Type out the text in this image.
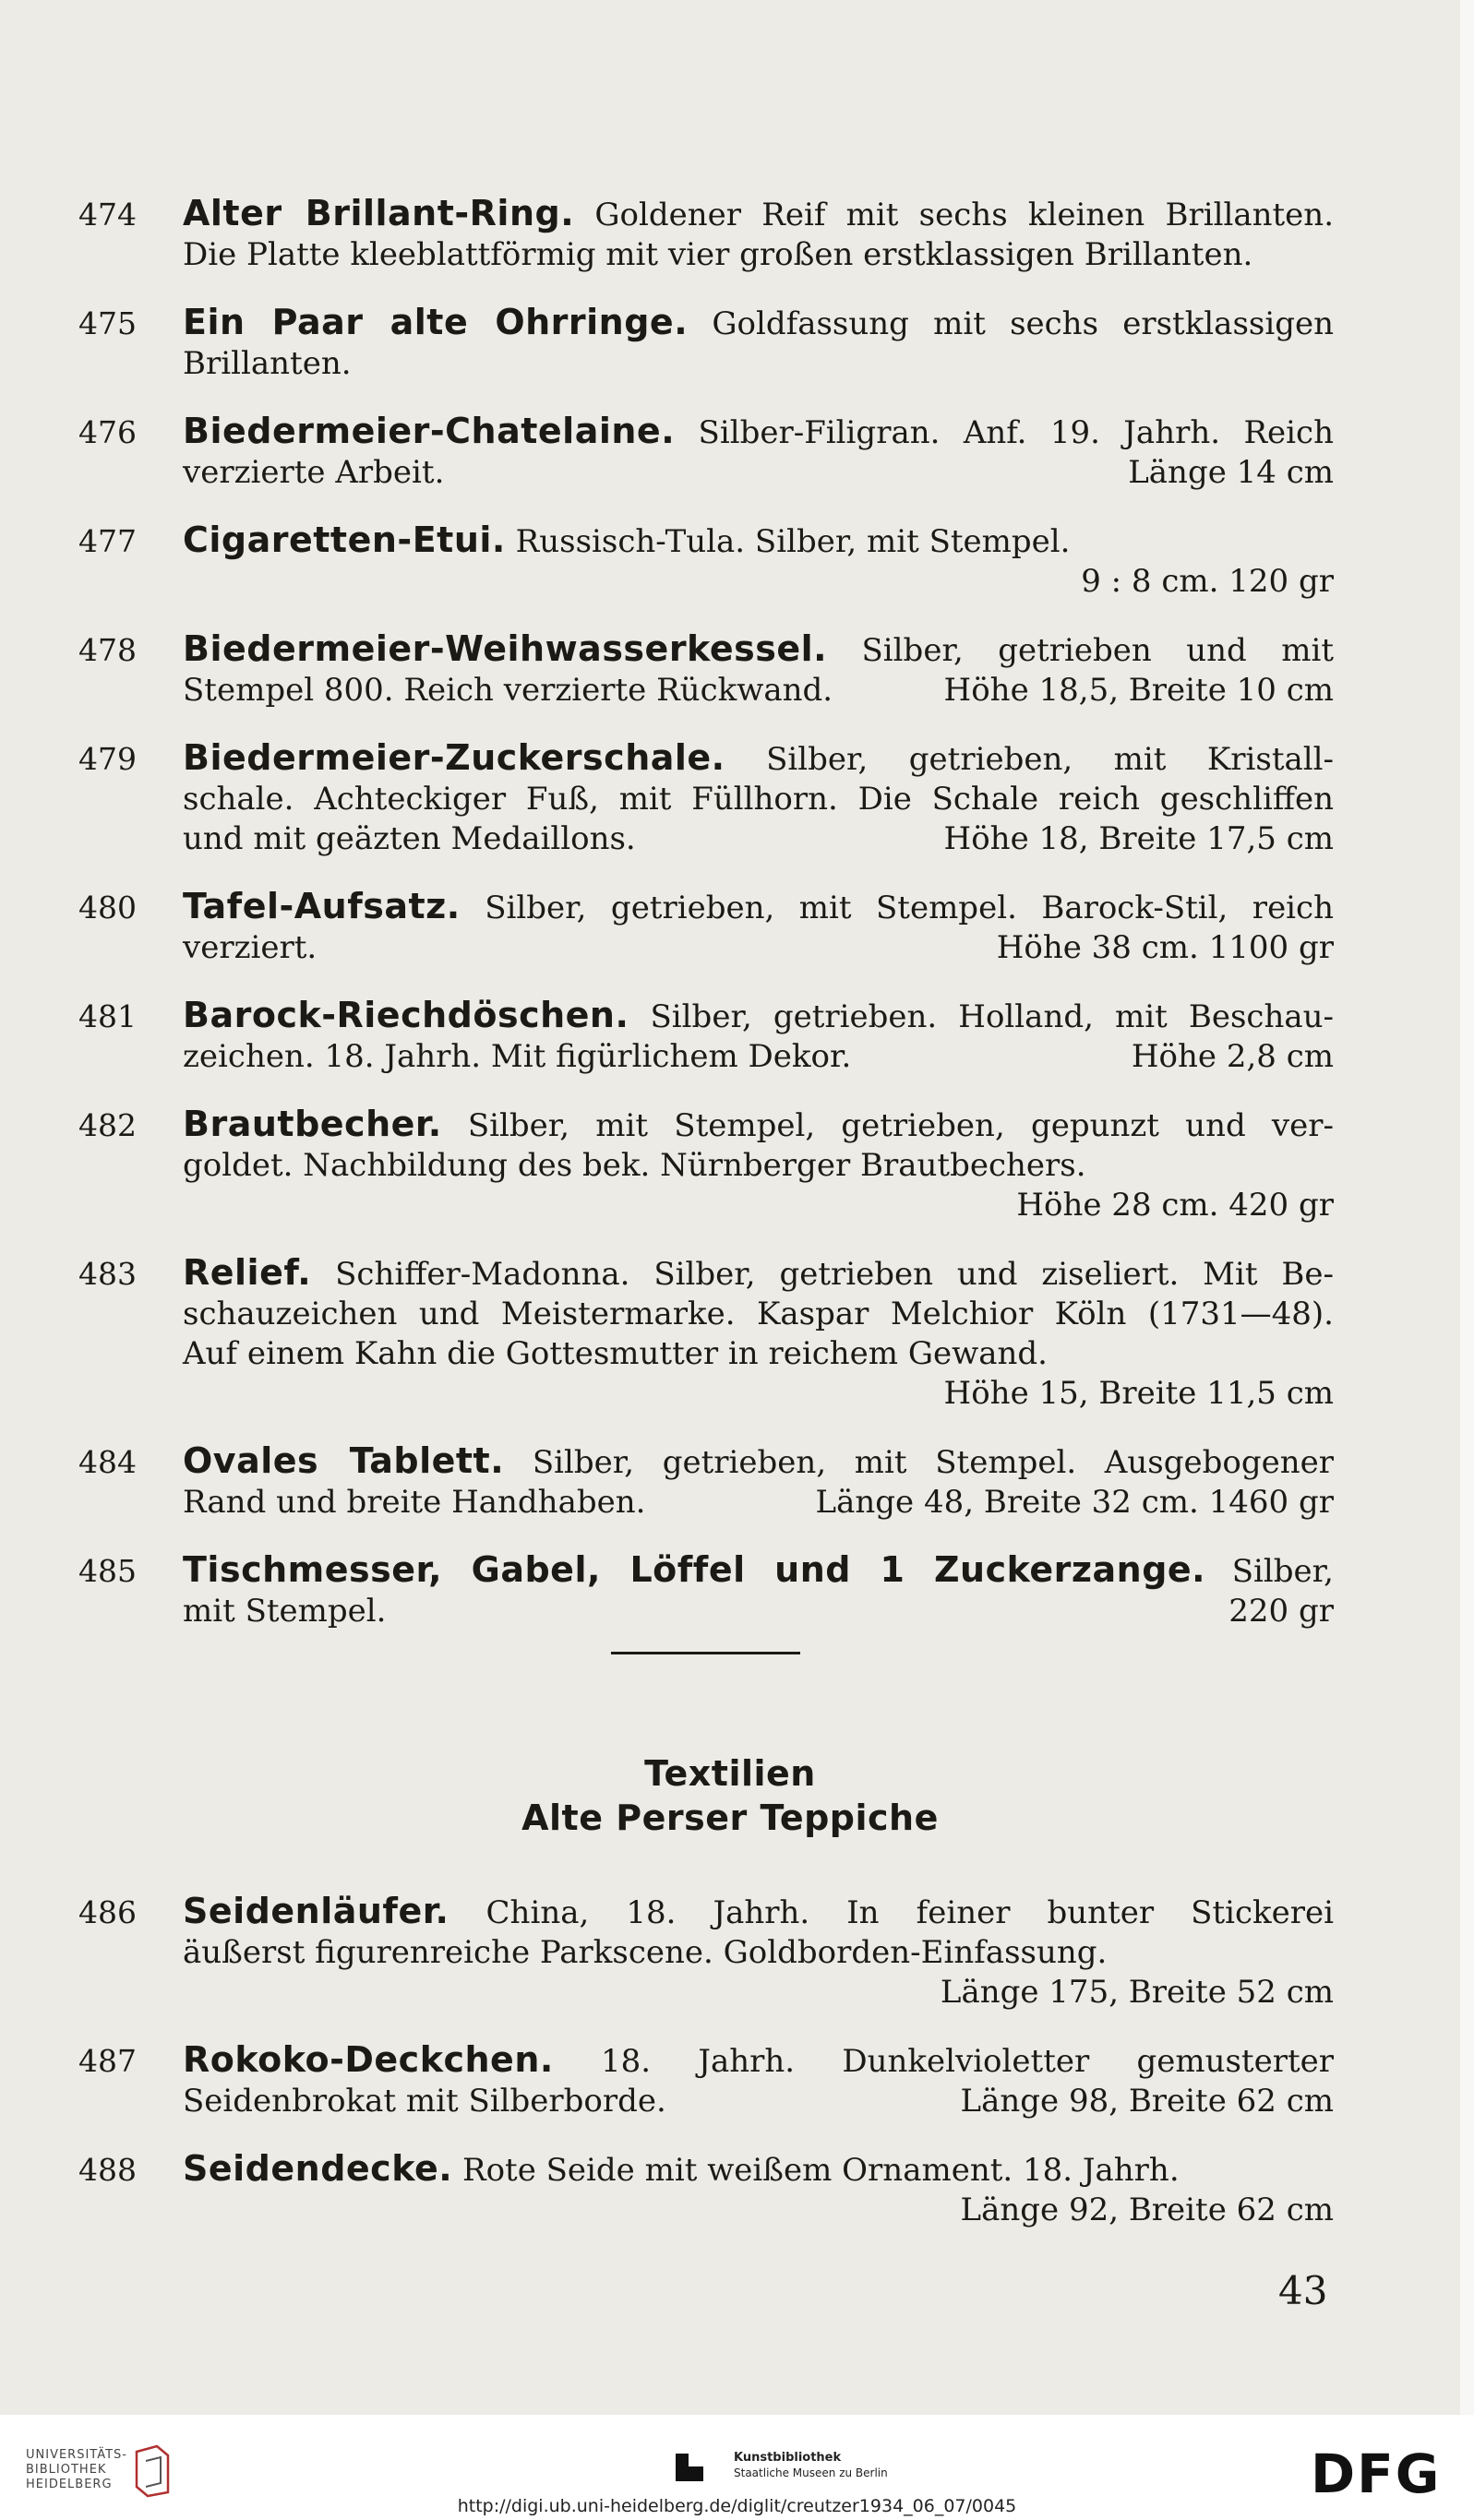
474 Alter Brillant‑Ring. Goldener Reif mit sechs kleinen Brillanten.
Die Platte kleeblattförmig mit vier großen erstklassigen Brillanten.
475 Ein Paar alte Ohrringe. Goldfassung mit sechs erstklassigen
Brillanten.
476 Biedermeier‑Chatelaine. Silber-Filigran. Anf. 19. Jahrh. Reich
verzierte Arbeit.	Länge 14 cm
477 Cigaretten‑Etui. Russisch-Tula. Silber, mit Stempel.
9 : 8 cm. 120 gr
478 Biedermeier‑Weihwasserkessel. Silber, getrieben und mit
Stempel 800. Reich verzierte Rückwand.	Höhe 18,5, Breite 10 cm
479 Biedermeier‑Zuckerschale. Silber, getrieben, mit Kristall-
schale. Achteckiger Fuß, mit Füllhorn. Die Schale reich geschliffen
und mit geäzten Medaillons.	Höhe 18, Breite 17,5 cm
480 Tafel‑Aufsatz. Silber, getrieben, mit Stempel. Barock-Stil, reich
verziert.	Höhe 38 cm. 1100 gr
481 Barock‑Riechdöschen. Silber, getrieben. Holland, mit Beschau-
zeichen. 18. Jahrh. Mit figürlichem Dekor.	Höhe 2,8 cm
482 Brautbecher. Silber, mit Stempel, getrieben, gepunzt und ver-
goldet. Nachbildung des bek. Nürnberger Brautbechers.
Höhe 28 cm. 420 gr
483 Relief. Schiffer-Madonna. Silber, getrieben und ziseliert. Mit Be-
schauzeichen und Meistermarke. Kaspar Melchior Köln (1731—48).
Auf einem Kahn die Gottesmutter in reichem Gewand.
Höhe 15, Breite 11,5 cm
484 Ovales Tablett. Silber, getrieben, mit Stempel. Ausgebogener
Rand und breite Handhaben.	Länge 48, Breite 32 cm. 1460 gr
485 Tischmesser, Gabel, Löffel und 1 Zuckerzange. Silber,
mit Stempel.	220 gr
Textilien
Alte Perser Teppiche
486 Seidenläufer. China, 18. Jahrh. In feiner bunter Stickerei
äußerst figurenreiche Parkscene. Goldborden-Einfassung.
Länge 175, Breite 52 cm
487 Rokoko‑Deckchen. 18. Jahrh. Dunkelvioletter gemusterter
Seidenbrokat mit Silberborde.	Länge 98, Breite 62 cm
488 Seidendecke. Rote Seide mit weißem Ornament. 18. Jahrh.
Länge 92, Breite 62 cm
43
UNIVERSITÄTS-
BIBLIOTHEK
HEIDELBERG
Kunstbibliothek
Staatliche Museen zu Berlin	DFG
http://digi.ub.uni-heidelberg.de/diglit/creutzer1934_06_07/0045
